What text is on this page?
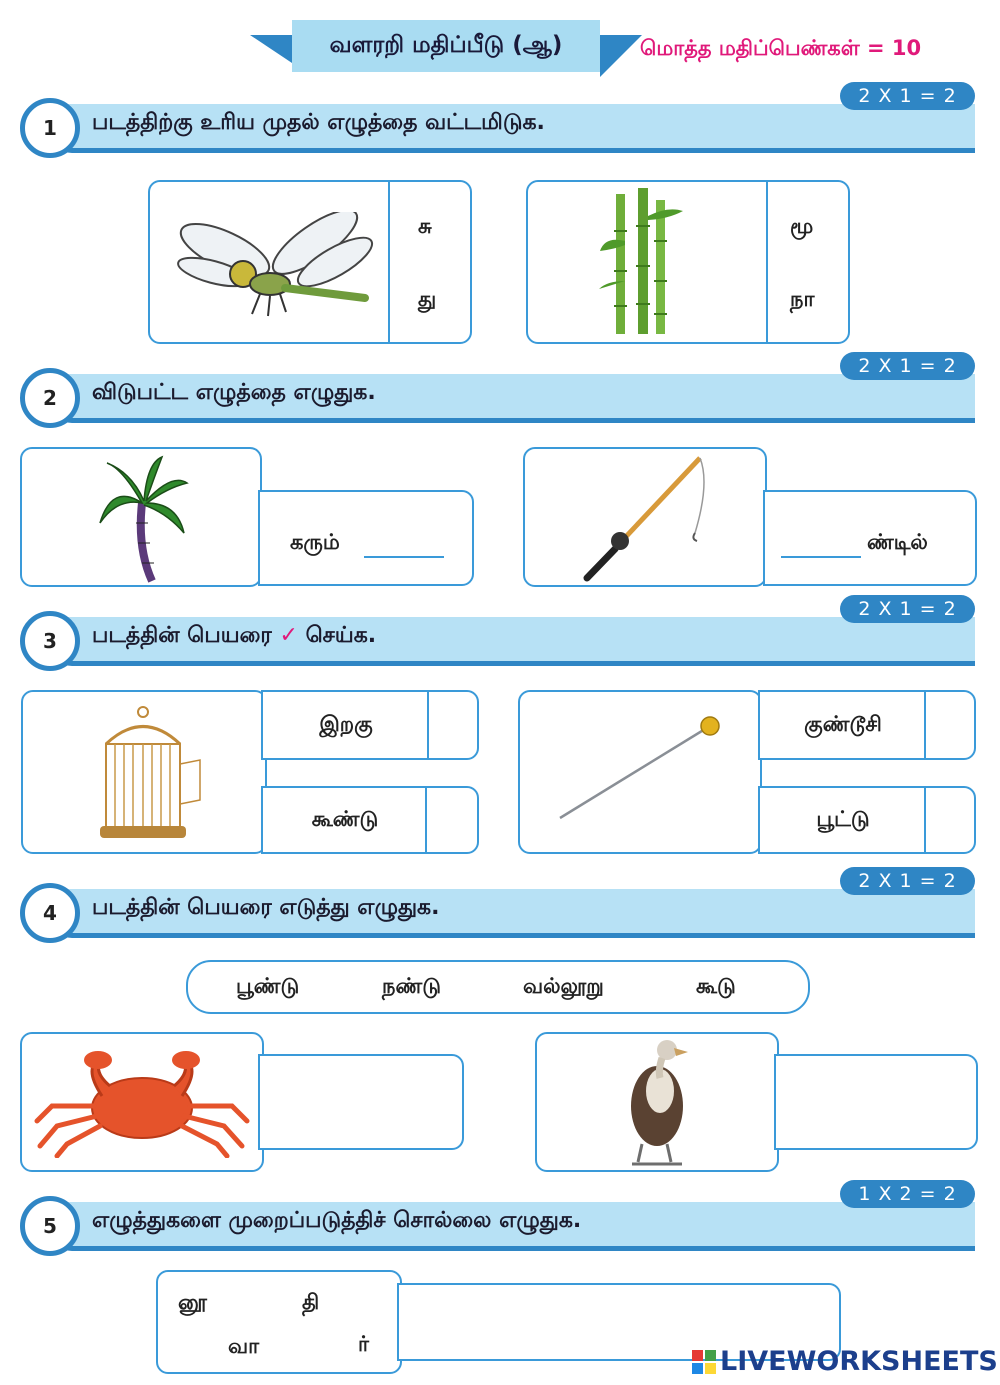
வளரறி மதிப்பீடு (ஆ)	மொத்த மதிப்பெண்கள் = 10
1	படத்திற்கு உரிய முதல் எழுத்தை வட்டமிடுக.
2 X 1 = 2
சு
து
மூ
நா
2	விடுபட்ட எழுத்தை எழுதுக.
2 X 1 = 2
கரும்	ண்டில்
3	படத்தின் பெயரை ✓ செய்க.
2 X 1 = 2
இறகு
கூண்டு
குண்டூசி
பூட்டு
4	படத்தின் பெயரை எடுத்து எழுதுக.
2 X 1 = 2
பூண்டு	நண்டு	வல்லூறு	கூடு
5	எழுத்துகளை முறைப்படுத்திச் சொல்லை எழுதுக.
1 X 2 = 2
னூ	தி
வா	ர்
LIVEWORKSHEETS
